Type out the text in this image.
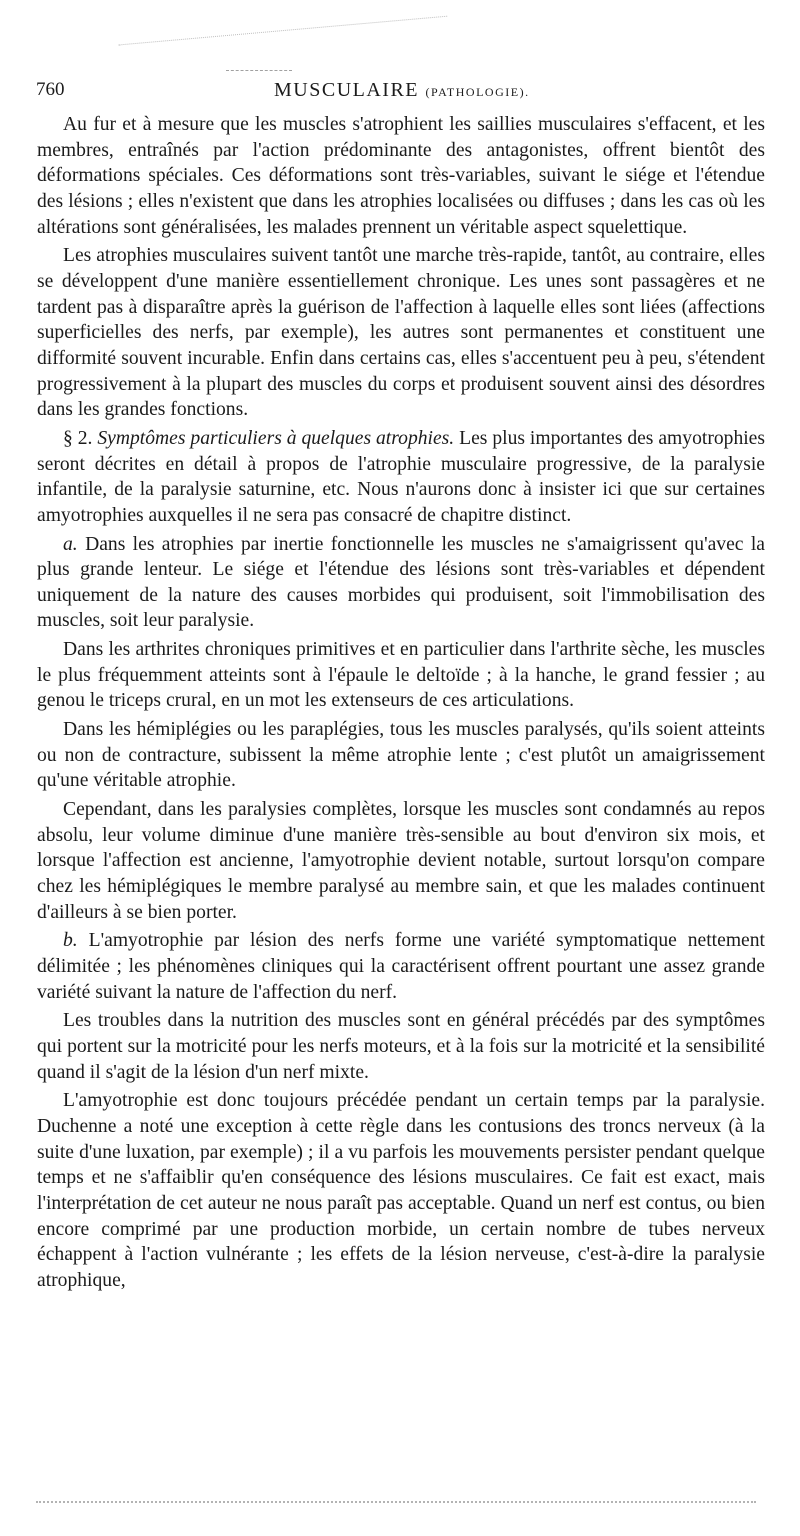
760	MUSCULAIRE (PATHOLOGIE).

Au fur et à mesure que les muscles s'atrophient les saillies musculaires s'effacent, et les membres, entraînés par l'action prédominante des antagonistes, offrent bientôt des déformations spéciales. Ces déformations sont très-variables, suivant le siége et l'étendue des lésions ; elles n'existent que dans les atrophies localisées ou diffuses ; dans les cas où les altérations sont généralisées, les malades prennent un véritable aspect squelettique.

Les atrophies musculaires suivent tantôt une marche très-rapide, tantôt, au contraire, elles se développent d'une manière essentiellement chronique. Les unes sont passagères et ne tardent pas à disparaître après la guérison de l'affection à laquelle elles sont liées (affections superficielles des nerfs, par exemple), les autres sont permanentes et constituent une difformité souvent incurable. Enfin dans certains cas, elles s'accentuent peu à peu, s'étendent progressivement à la plupart des muscles du corps et produisent souvent ainsi des désordres dans les grandes fonctions.

§ 2. Symptômes particuliers à quelques atrophies. Les plus importantes des amyotrophies seront décrites en détail à propos de l'atrophie musculaire progressive, de la paralysie infantile, de la paralysie saturnine, etc. Nous n'aurons donc à insister ici que sur certaines amyotrophies auxquelles il ne sera pas consacré de chapitre distinct.

a. Dans les atrophies par inertie fonctionnelle les muscles ne s'amaigrissent qu'avec la plus grande lenteur. Le siége et l'étendue des lésions sont très-variables et dépendent uniquement de la nature des causes morbides qui produisent, soit l'immobilisation des muscles, soit leur paralysie.

Dans les arthrites chroniques primitives et en particulier dans l'arthrite sèche, les muscles le plus fréquemment atteints sont à l'épaule le deltoïde ; à la hanche, le grand fessier ; au genou le triceps crural, en un mot les extenseurs de ces articulations.

Dans les hémiplégies ou les paraplégies, tous les muscles paralysés, qu'ils soient atteints ou non de contracture, subissent la même atrophie lente ; c'est plutôt un amaigrissement qu'une véritable atrophie.

Cependant, dans les paralysies complètes, lorsque les muscles sont condamnés au repos absolu, leur volume diminue d'une manière très-sensible au bout d'environ six mois, et lorsque l'affection est ancienne, l'amyotrophie devient notable, surtout lorsqu'on compare chez les hémiplégiques le membre paralysé au membre sain, et que les malades continuent d'ailleurs à se bien porter.

b. L'amyotrophie par lésion des nerfs forme une variété symptomatique nettement délimitée ; les phénomènes cliniques qui la caractérisent offrent pourtant une assez grande variété suivant la nature de l'affection du nerf.

Les troubles dans la nutrition des muscles sont en général précédés par des symptômes qui portent sur la motricité pour les nerfs moteurs, et à la fois sur la motricité et la sensibilité quand il s'agit de la lésion d'un nerf mixte.

L'amyotrophie est donc toujours précédée pendant un certain temps par la paralysie. Duchenne a noté une exception à cette règle dans les contusions des troncs nerveux (à la suite d'une luxation, par exemple) ; il a vu parfois les mouvements persister pendant quelque temps et ne s'affaiblir qu'en conséquence des lésions musculaires. Ce fait est exact, mais l'interprétation de cet auteur ne nous paraît pas acceptable. Quand un nerf est contus, ou bien encore comprimé par une production morbide, un certain nombre de tubes nerveux échappent à l'action vulnérante ; les effets de la lésion nerveuse, c'est-à-dire la paralysie atrophique,
